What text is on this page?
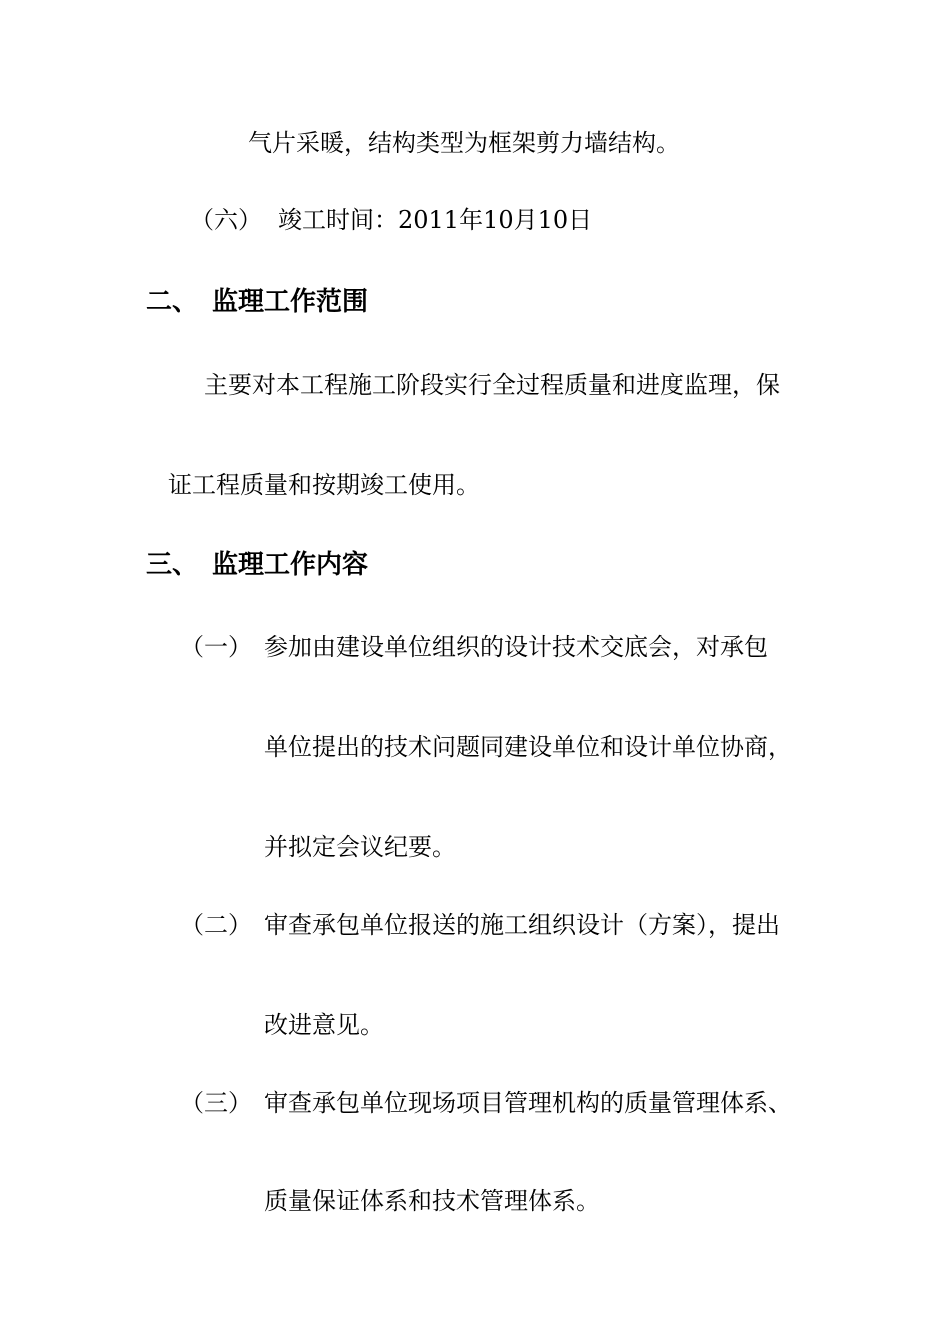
气片采暖，结构类型为框架剪力墙结构。
（六） 竣工时间：2011年10月10日
二、 监理工作范围
主要对本工程施工阶段实行全过程质量和进度监理，保
证工程质量和按期竣工使用。
三、 监理工作内容
（一） 参加由建设单位组织的设计技术交底会，对承包
单位提出的技术问题同建设单位和设计单位协商，
并拟定会议纪要。
（二） 审查承包单位报送的施工组织设计（方案），提出
改进意见。
（三） 审查承包单位现场项目管理机构的质量管理体系、
质量保证体系和技术管理体系。
